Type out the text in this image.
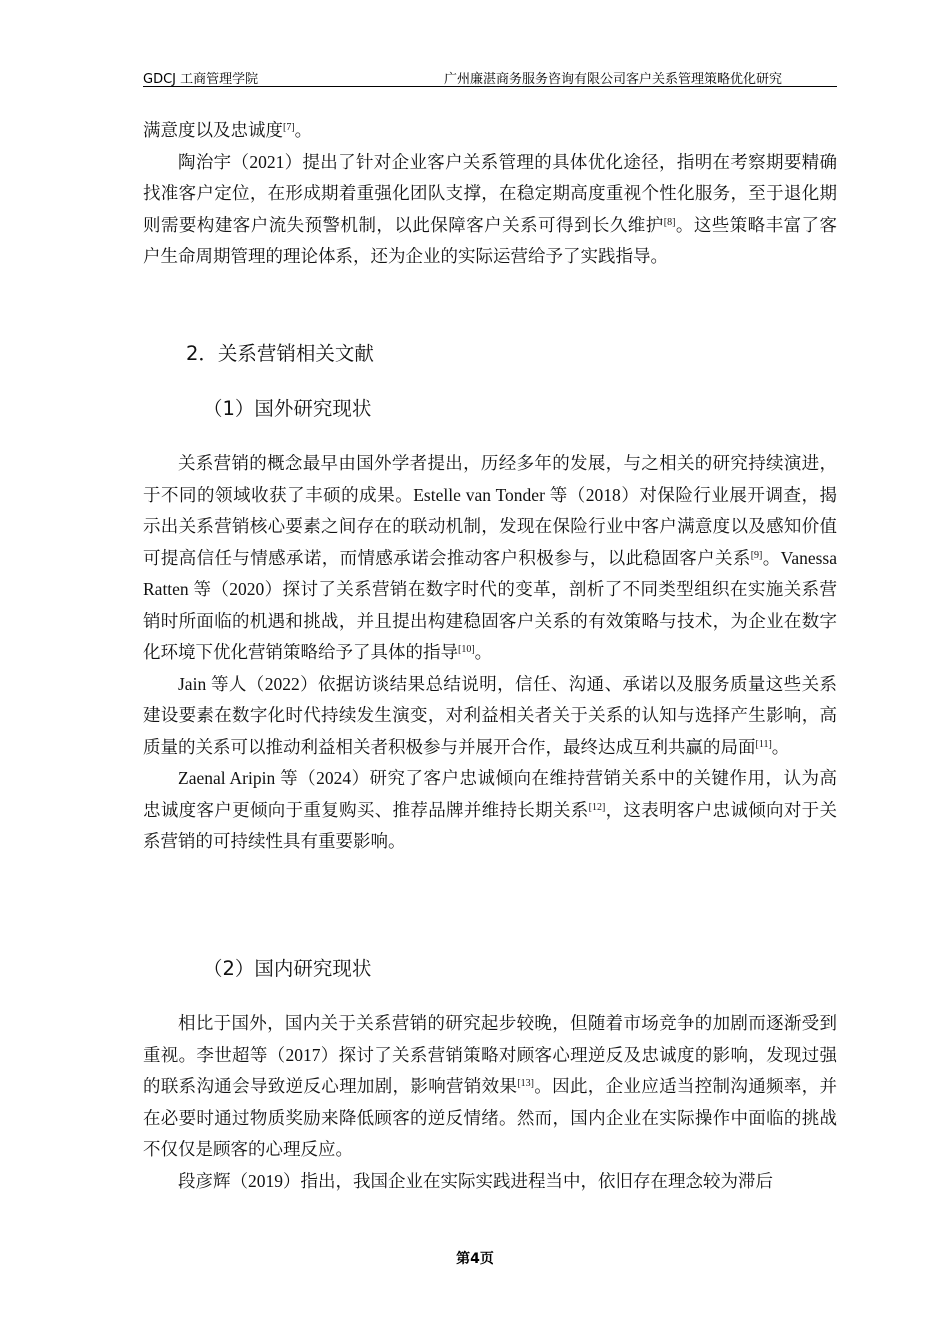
GDCJ 工商管理学院	广州廉湛商务服务咨询有限公司客户关系管理策略优化研究

满意度以及忠诚度[7]。

陶治宇（2021）提出了针对企业客户关系管理的具体优化途径，指明在考察期要精确找准客户定位，在形成期着重强化团队支撑，在稳定期高度重视个性化服务，至于退化期则需要构建客户流失预警机制，以此保障客户关系可得到长久维护[8]。这些策略丰富了客户生命周期管理的理论体系，还为企业的实际运营给予了实践指导。

2．关系营销相关文献
（1）国外研究现状

关系营销的概念最早由国外学者提出，历经多年的发展，与之相关的研究持续演进，于不同的领域收获了丰硕的成果。Estelle van Tonder 等（2018）对保险行业展开调查，揭示出关系营销核心要素之间存在的联动机制，发现在保险行业中客户满意度以及感知价值可提高信任与情感承诺，而情感承诺会推动客户积极参与，以此稳固客户关系[9]。Vanessa Ratten 等（2020）探讨了关系营销在数字时代的变革，剖析了不同类型组织在实施关系营销时所面临的机遇和挑战，并且提出构建稳固客户关系的有效策略与技术，为企业在数字化环境下优化营销策略给予了具体的指导[10]。

Jain 等人（2022）依据访谈结果总结说明，信任、沟通、承诺以及服务质量这些关系建设要素在数字化时代持续发生演变，对利益相关者关于关系的认知与选择产生影响，高质量的关系可以推动利益相关者积极参与并展开合作，最终达成互利共赢的局面[11]。

Zaenal Aripin 等（2024）研究了客户忠诚倾向在维持营销关系中的关键作用，认为高忠诚度客户更倾向于重复购买、推荐品牌并维持长期关系[12]，这表明客户忠诚倾向对于关系营销的可持续性具有重要影响。

（2）国内研究现状

相比于国外，国内关于关系营销的研究起步较晚，但随着市场竞争的加剧而逐渐受到重视。李世超等（2017）探讨了关系营销策略对顾客心理逆反及忠诚度的影响，发现过强的联系沟通会导致逆反心理加剧，影响营销效果[13]。因此，企业应适当控制沟通频率，并在必要时通过物质奖励来降低顾客的逆反情绪。然而，国内企业在实际操作中面临的挑战不仅仅是顾客的心理反应。

段彦辉（2019）指出，我国企业在实际实践进程当中，依旧存在理念较为滞后

第4页
